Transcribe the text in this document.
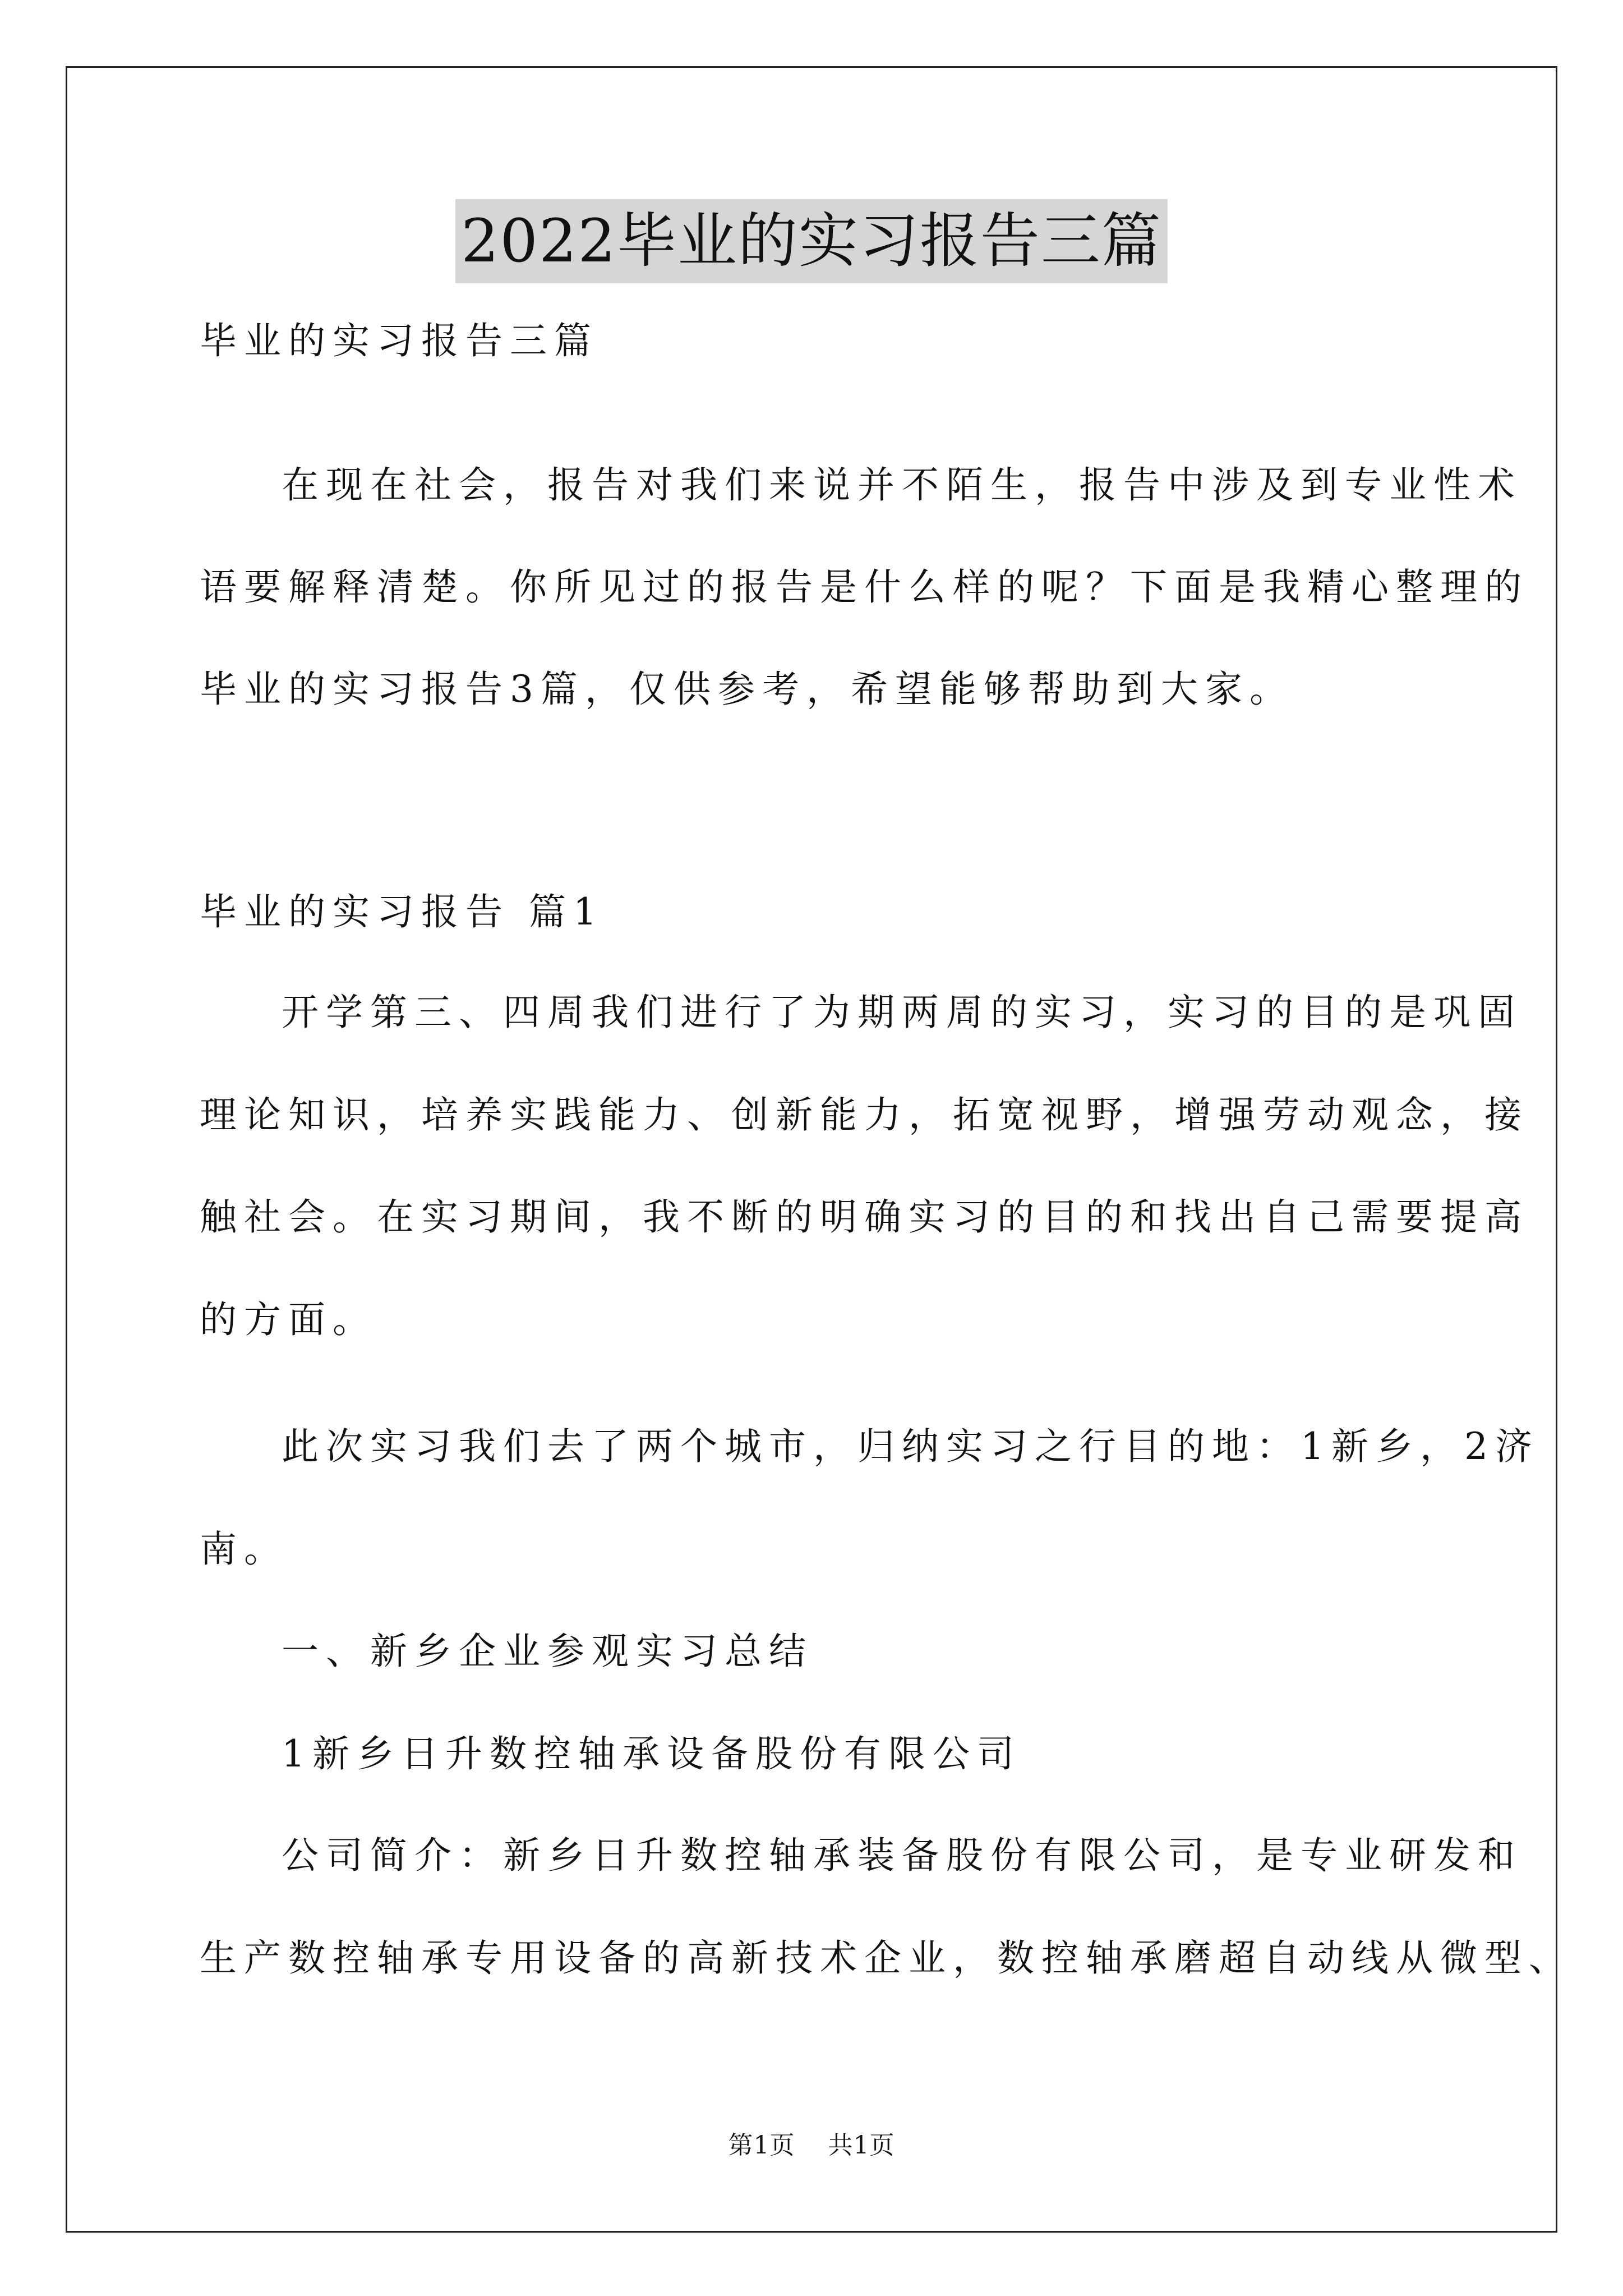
2022毕业的实习报告三篇
毕业的实习报告三篇
在现在社会，报告对我们来说并不陌生，报告中涉及到专业性术
语要解释清楚。你所见过的报告是什么样的呢？下面是我精心整理的
毕业的实习报告3篇，仅供参考，希望能够帮助到大家。
毕业的实习报告 篇1
开学第三、四周我们进行了为期两周的实习，实习的目的是巩固
理论知识，培养实践能力、创新能力，拓宽视野，增强劳动观念，接
触社会。在实习期间，我不断的明确实习的目的和找出自己需要提高
的方面。
此次实习我们去了两个城市，归纳实习之行目的地：1新乡，2济
南。
一、新乡企业参观实习总结
1新乡日升数控轴承设备股份有限公司
公司简介：新乡日升数控轴承装备股份有限公司，是专业研发和
生产数控轴承专用设备的高新技术企业，数控轴承磨超自动线从微型、
第1页 共1页
